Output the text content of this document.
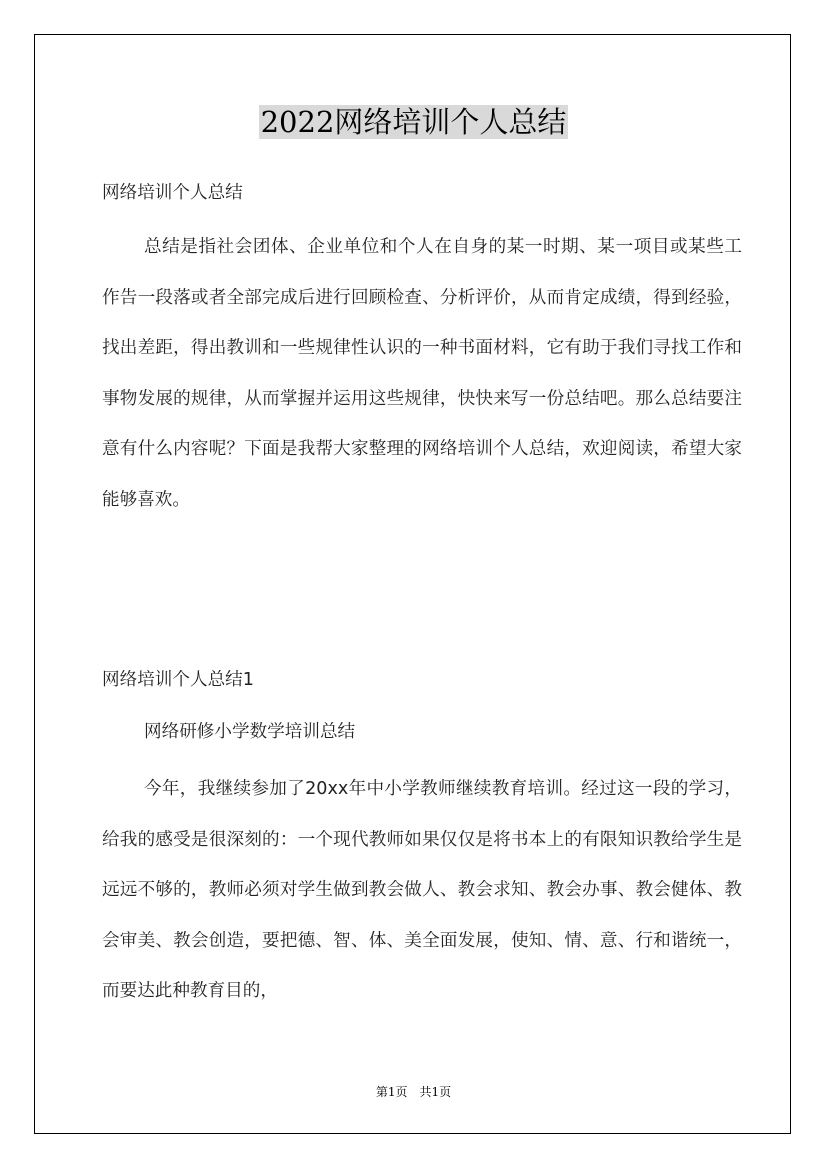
2022网络培训个人总结

网络培训个人总结

总结是指社会团体、企业单位和个人在自身的某一时期、某一项目或某些工作告一段落或者全部完成后进行回顾检查、分析评价，从而肯定成绩，得到经验，找出差距，得出教训和一些规律性认识的一种书面材料，它有助于我们寻找工作和事物发展的规律，从而掌握并运用这些规律，快快来写一份总结吧。那么总结要注意有什么内容呢？下面是我帮大家整理的网络培训个人总结，欢迎阅读，希望大家能够喜欢。

网络培训个人总结1

网络研修小学数学培训总结

今年，我继续参加了20xx年中小学教师继续教育培训。经过这一段的学习，给我的感受是很深刻的：一个现代教师如果仅仅是将书本上的有限知识教给学生是远远不够的，教师必须对学生做到教会做人、教会求知、教会办事、教会健体、教会审美、教会创造，要把德、智、体、美全面发展，使知、情、意、行和谐统一，而要达此种教育目的，

第1页　共1页
